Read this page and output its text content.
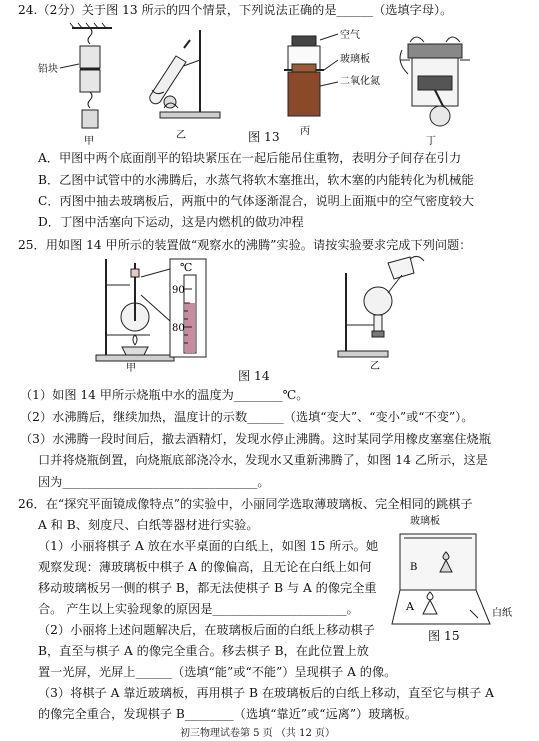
24.（2分）关于图 13 所示的四个情景，下列说法正确的是______（选填字母）。
铅块
甲
乙
空气
玻璃板
二氧化氮
丙
丁
图 13
A．甲图中两个底面削平的铅块紧压在一起后能吊住重物，表明分子间存在引力
B．乙图中试管中的水沸腾后，水蒸气将软木塞推出，软木塞的内能转化为机械能
C．丙图中抽去玻璃板后，两瓶中的气体逐渐混合，说明上面瓶中的空气密度较大
D．丁图中活塞向下运动，这是内燃机的做功冲程
25．用如图 14 甲所示的装置做“观察水的沸腾”实验。请按实验要求完成下列问题：
℃
90
80
甲	乙
图 14
（1）如图 14 甲所示烧瓶中水的温度为________℃。
（2）水沸腾后，继续加热，温度计的示数______（选填“变大”、“变小”或“不变”）。
（3）水沸腾一段时间后，撤去酒精灯，发现水停止沸腾。这时某同学用橡皮塞塞住烧瓶
口并将烧瓶倒置，向烧瓶底部浇冷水，发现水又重新沸腾了，如图 14 乙所示，这是
因为________________________________。
26．在“探究平面镜成像特点”的实验中，小丽同学选取薄玻璃板、完全相同的跳棋子
A 和 B、刻度尺、白纸等器材进行实验。
（1）小丽将棋子 A 放在水平桌面的白纸上，如图 15 所示。她
观察发现：薄玻璃板中棋子 A 的像偏高，且无论在白纸上如何
移动玻璃板另一侧的棋子 B，都无法使棋子 B 与 A 的像完全重
合。 产生以上实验现象的原因是______________________。
（2）小丽将上述问题解决后，在玻璃板后面的白纸上移动棋子
B，直至与棋子 A 的像完全重合。移去棋子 B，在此位置上放
置一光屏，光屏上______（选填“能”或“不能”）呈现棋子 A 的像。
（3）将棋子 A 靠近玻璃板，再用棋子 B 在玻璃板后的白纸上移动，直至它与棋子 A
的像完全重合，发现棋子 B________（选填“靠近”或“远离”）玻璃板。
玻璃板
B
A
白纸
图 15
初三物理试卷第 5 页 （共 12 页）
